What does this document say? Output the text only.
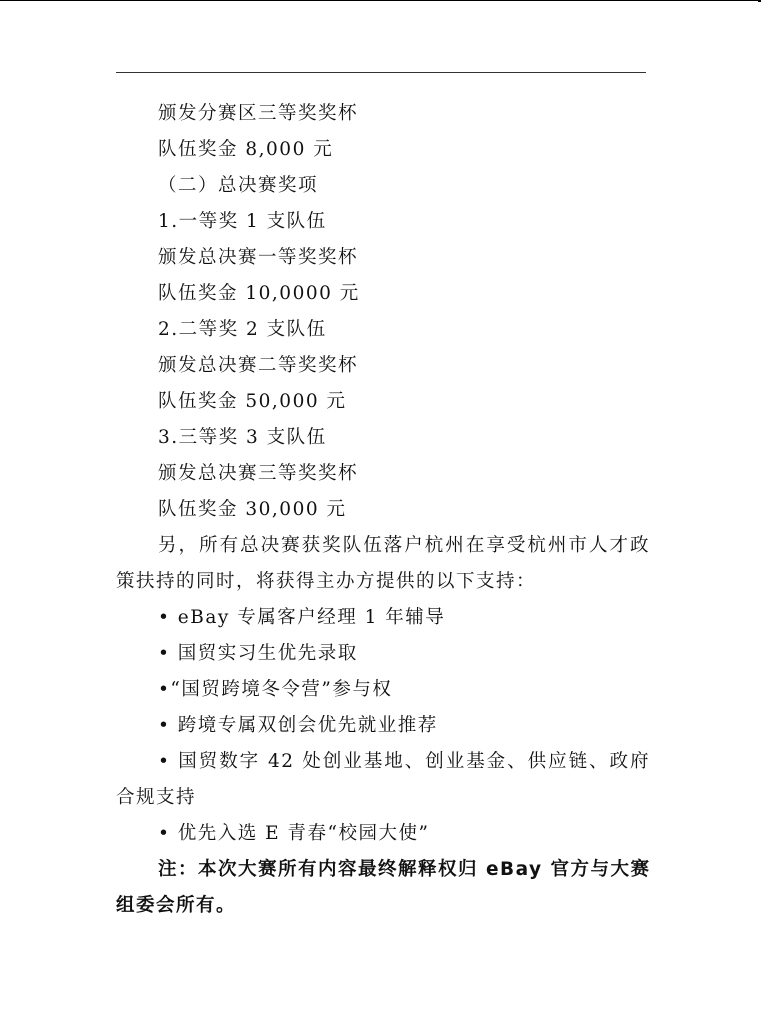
颁发分赛区三等奖奖杯
队伍奖金 8,000 元
（二）总决赛奖项
1.一等奖 1 支队伍
颁发总决赛一等奖奖杯
队伍奖金 10,0000 元
2.二等奖 2 支队伍
颁发总决赛二等奖奖杯
队伍奖金 50,000 元
3.三等奖 3 支队伍
颁发总决赛三等奖奖杯
队伍奖金 30,000 元
另，所有总决赛获奖队伍落户杭州在享受杭州市人才政
策扶持的同时，将获得主办方提供的以下支持：
• eBay 专属客户经理 1 年辅导
• 国贸实习生优先录取
•“国贸跨境冬令营”参与权
• 跨境专属双创会优先就业推荐
• 国贸数字 42 处创业基地、创业基金、供应链、政府
合规支持
• 优先入选 E 青春“校园大使”
注：本次大赛所有内容最终解释权归 eBay 官方与大赛
组委会所有。
